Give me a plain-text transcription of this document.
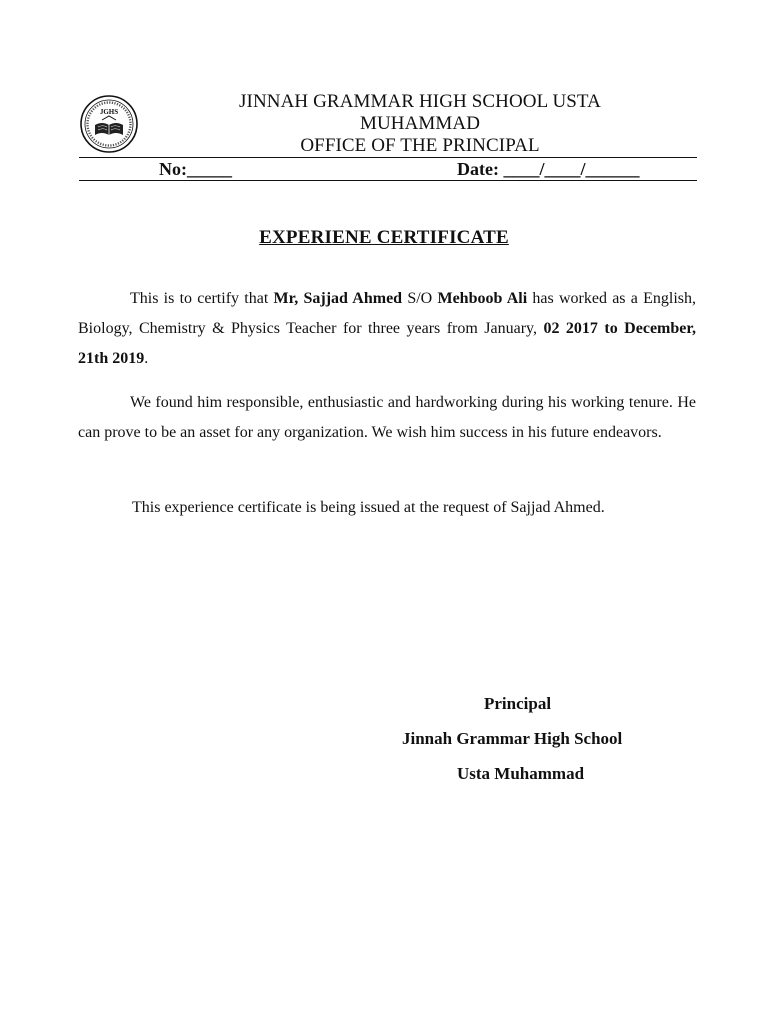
JGHS	JINNAH GRAMMAR HIGH SCHOOL USTA
MUHAMMAD
OFFICE OF THE PRINCIPAL
No:_____	Date: ____/____/______
EXPERIENE CERTIFICATE

This is to certify that Mr, Sajjad Ahmed S/O Mehboob Ali has worked as a English, Biology, Chemistry & Physics Teacher for three years from January, 02 2017 to December, 21th 2019.

We found him responsible, enthusiastic and hardworking during his working tenure. He can prove to be an asset for any organization. We wish him success in his future endeavors.

This experience certificate is being issued at the request of Sajjad Ahmed.

Principal
Jinnah Grammar High School
Usta Muhammad
